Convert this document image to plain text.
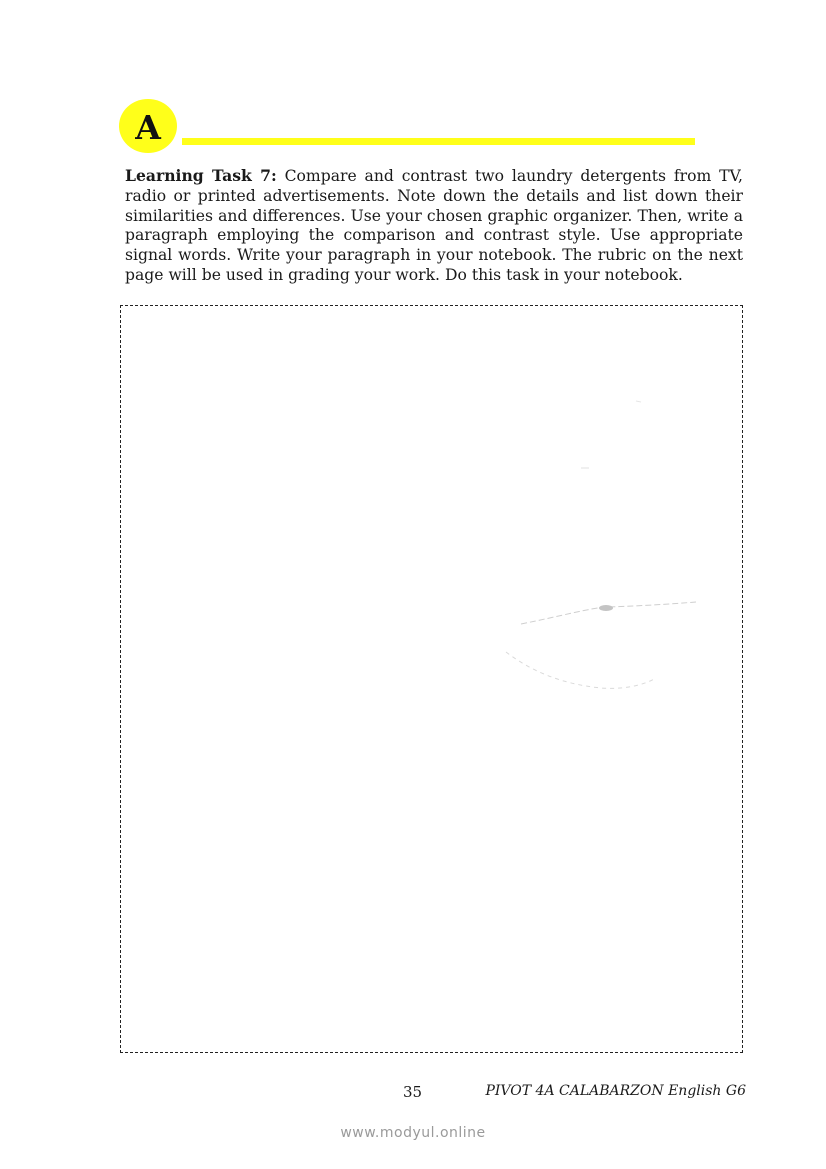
A

Learning Task 7: Compare and contrast two laundry detergents from TV, radio or printed advertisements. Note down the details and list down their similarities and differences. Use your chosen graphic organizer. Then, write a paragraph employing the comparison and contrast style. Use appropriate signal words. Write your paragraph in your notebook. The rubric on the next page will be used in grading your work. Do this task in your notebook.

35	PIVOT 4A CALABARZON English G6
www.modyul.online
